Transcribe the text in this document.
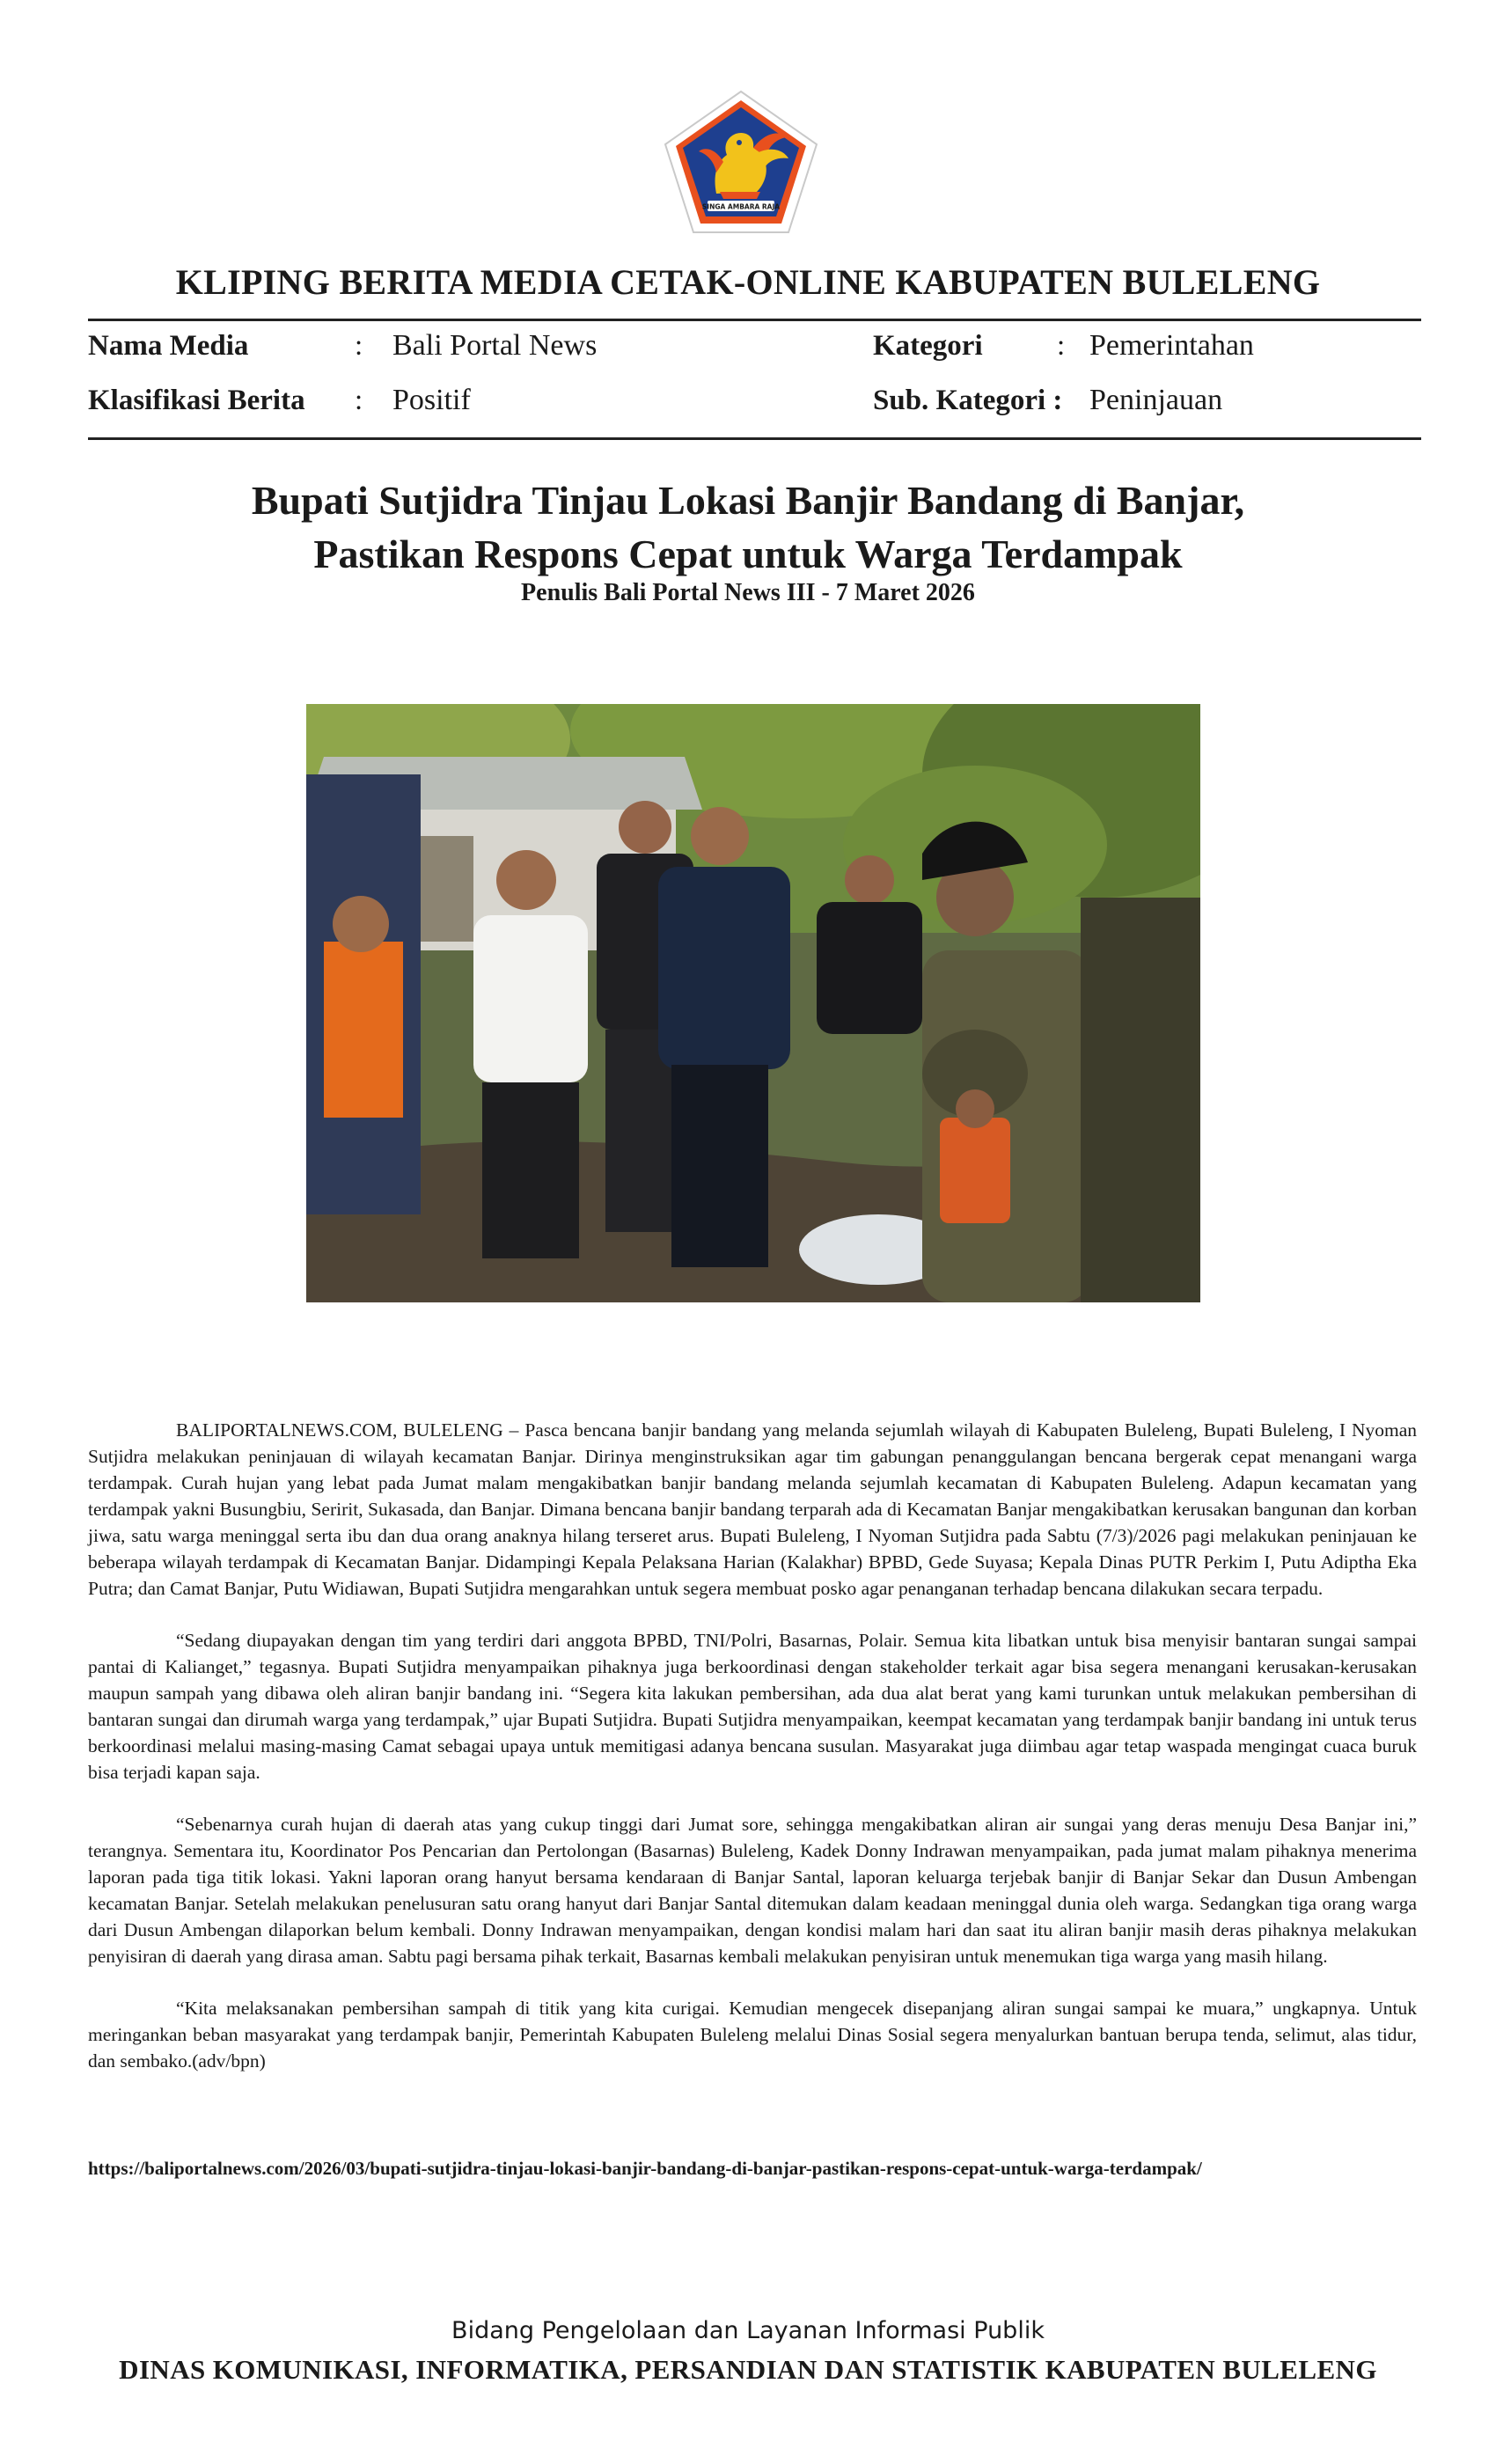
SINGA AMBARA RAJA
KLIPING BERITA MEDIA CETAK-ONLINE KABUPATEN BULELENG
Nama Media	: Bali Portal News
Klasifikasi Berita : Positif
Kategori	: Pemerintahan
Sub. Kategori : Peninjauan
Bupati Sutjidra Tinjau Lokasi Banjir Bandang di Banjar,
Pastikan Respons Cepat untuk Warga Terdampak
Penulis Bali Portal News III - 7 Maret 2026

BALIPORTALNEWS.COM, BULELENG – Pasca bencana banjir bandang yang melanda sejumlah wilayah di Kabupaten Buleleng, Bupati Buleleng, I Nyoman Sutjidra melakukan peninjauan di wilayah kecamatan Banjar. Dirinya menginstruksikan agar tim gabungan penanggulangan bencana bergerak cepat menangani warga terdampak. Curah hujan yang lebat pada Jumat malam mengakibatkan banjir bandang melanda sejumlah kecamatan di Kabupaten Buleleng. Adapun kecamatan yang terdampak yakni Busungbiu, Seririt, Sukasada, dan Banjar. Dimana bencana banjir bandang terparah ada di Kecamatan Banjar mengakibatkan kerusakan bangunan dan korban jiwa, satu warga meninggal serta ibu dan dua orang anaknya hilang terseret arus. Bupati Buleleng, I Nyoman Sutjidra pada Sabtu (7/3)/2026 pagi melakukan peninjauan ke beberapa wilayah terdampak di Kecamatan Banjar. Didampingi Kepala Pelaksana Harian (Kalakhar) BPBD, Gede Suyasa; Kepala Dinas PUTR Perkim I, Putu Adiptha Eka Putra; dan Camat Banjar, Putu Widiawan, Bupati Sutjidra mengarahkan untuk segera membuat posko agar penanganan terhadap bencana dilakukan secara terpadu.

“Sedang diupayakan dengan tim yang terdiri dari anggota BPBD, TNI/Polri, Basarnas, Polair. Semua kita libatkan untuk bisa menyisir bantaran sungai sampai pantai di Kalianget,” tegasnya. Bupati Sutjidra menyampaikan pihaknya juga berkoordinasi dengan stakeholder terkait agar bisa segera menangani kerusakan-kerusakan maupun sampah yang dibawa oleh aliran banjir bandang ini. “Segera kita lakukan pembersihan, ada dua alat berat yang kami turunkan untuk melakukan pembersihan di bantaran sungai dan dirumah warga yang terdampak,” ujar Bupati Sutjidra. Bupati Sutjidra menyampaikan, keempat kecamatan yang terdampak banjir bandang ini untuk terus berkoordinasi melalui masing-masing Camat sebagai upaya untuk memitigasi adanya bencana susulan. Masyarakat juga diimbau agar tetap waspada mengingat cuaca buruk bisa terjadi kapan saja.

“Sebenarnya curah hujan di daerah atas yang cukup tinggi dari Jumat sore, sehingga mengakibatkan aliran air sungai yang deras menuju Desa Banjar ini,” terangnya. Sementara itu, Koordinator Pos Pencarian dan Pertolongan (Basarnas) Buleleng, Kadek Donny Indrawan menyampaikan, pada jumat malam pihaknya menerima laporan pada tiga titik lokasi. Yakni laporan orang hanyut bersama kendaraan di Banjar Santal, laporan keluarga terjebak banjir di Banjar Sekar dan Dusun Ambengan kecamatan Banjar. Setelah melakukan penelusuran satu orang hanyut dari Banjar Santal ditemukan dalam keadaan meninggal dunia oleh warga. Sedangkan tiga orang warga dari Dusun Ambengan dilaporkan belum kembali. Donny Indrawan menyampaikan, dengan kondisi malam hari dan saat itu aliran banjir masih deras pihaknya melakukan penyisiran di daerah yang dirasa aman. Sabtu pagi bersama pihak terkait, Basarnas kembali melakukan penyisiran untuk menemukan tiga warga yang masih hilang.

“Kita melaksanakan pembersihan sampah di titik yang kita curigai. Kemudian mengecek disepanjang aliran sungai sampai ke muara,” ungkapnya. Untuk meringankan beban masyarakat yang terdampak banjir, Pemerintah Kabupaten Buleleng melalui Dinas Sosial segera menyalurkan bantuan berupa tenda, selimut, alas tidur, dan sembako.(adv/bpn)

https://baliportalnews.com/2026/03/bupati-sutjidra-tinjau-lokasi-banjir-bandang-di-banjar-pastikan-respons-cepat-untuk-warga-terdampak/
Bidang Pengelolaan dan Layanan Informasi Publik
DINAS KOMUNIKASI, INFORMATIKA, PERSANDIAN DAN STATISTIK KABUPATEN BULELENG
